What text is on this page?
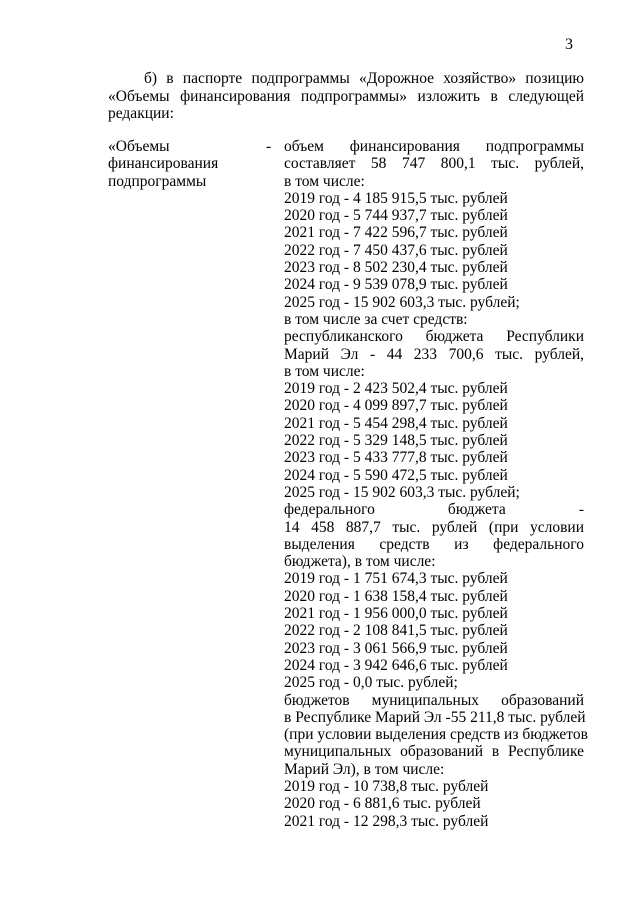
3
б) в паспорте подпрограммы «Дорожное хозяйство» позицию
«Объемы финансирования подпрограммы» изложить в следующей
редакции:
«Объемы
финансирования
подпрограммы
- объем финансирования подпрограммы
составляет 58 747 800,1 тыс. рублей,
в том числе:
2019 год - 4 185 915,5 тыс. рублей
2020 год - 5 744 937,7 тыс. рублей
2021 год - 7 422 596,7 тыс. рублей
2022 год - 7 450 437,6 тыс. рублей
2023 год - 8 502 230,4 тыс. рублей
2024 год - 9 539 078,9 тыс. рублей
2025 год - 15 902 603,3 тыс. рублей;
в том числе за счет средств:
республиканского бюджета Республики
Марий Эл - 44 233 700,6 тыс. рублей,
в том числе:
2019 год - 2 423 502,4 тыс. рублей
2020 год - 4 099 897,7 тыс. рублей
2021 год - 5 454 298,4 тыс. рублей
2022 год - 5 329 148,5 тыс. рублей
2023 год - 5 433 777,8 тыс. рублей
2024 год - 5 590 472,5 тыс. рублей
2025 год - 15 902 603,3 тыс. рублей;
федерального бюджета -
14 458 887,7 тыс. рублей (при условии
выделения средств из федерального
бюджета), в том числе:
2019 год - 1 751 674,3 тыс. рублей
2020 год - 1 638 158,4 тыс. рублей
2021 год - 1 956 000,0 тыс. рублей
2022 год - 2 108 841,5 тыс. рублей
2023 год - 3 061 566,9 тыс. рублей
2024 год - 3 942 646,6 тыс. рублей
2025 год - 0,0 тыс. рублей;
бюджетов муниципальных образований
в Республике Марий Эл -55 211,8 тыс. рублей
(при условии выделения средств из бюджетов
муниципальных образований в Республике
Марий Эл), в том числе:
2019 год - 10 738,8 тыс. рублей
2020 год - 6 881,6 тыс. рублей
2021 год - 12 298,3 тыс. рублей
